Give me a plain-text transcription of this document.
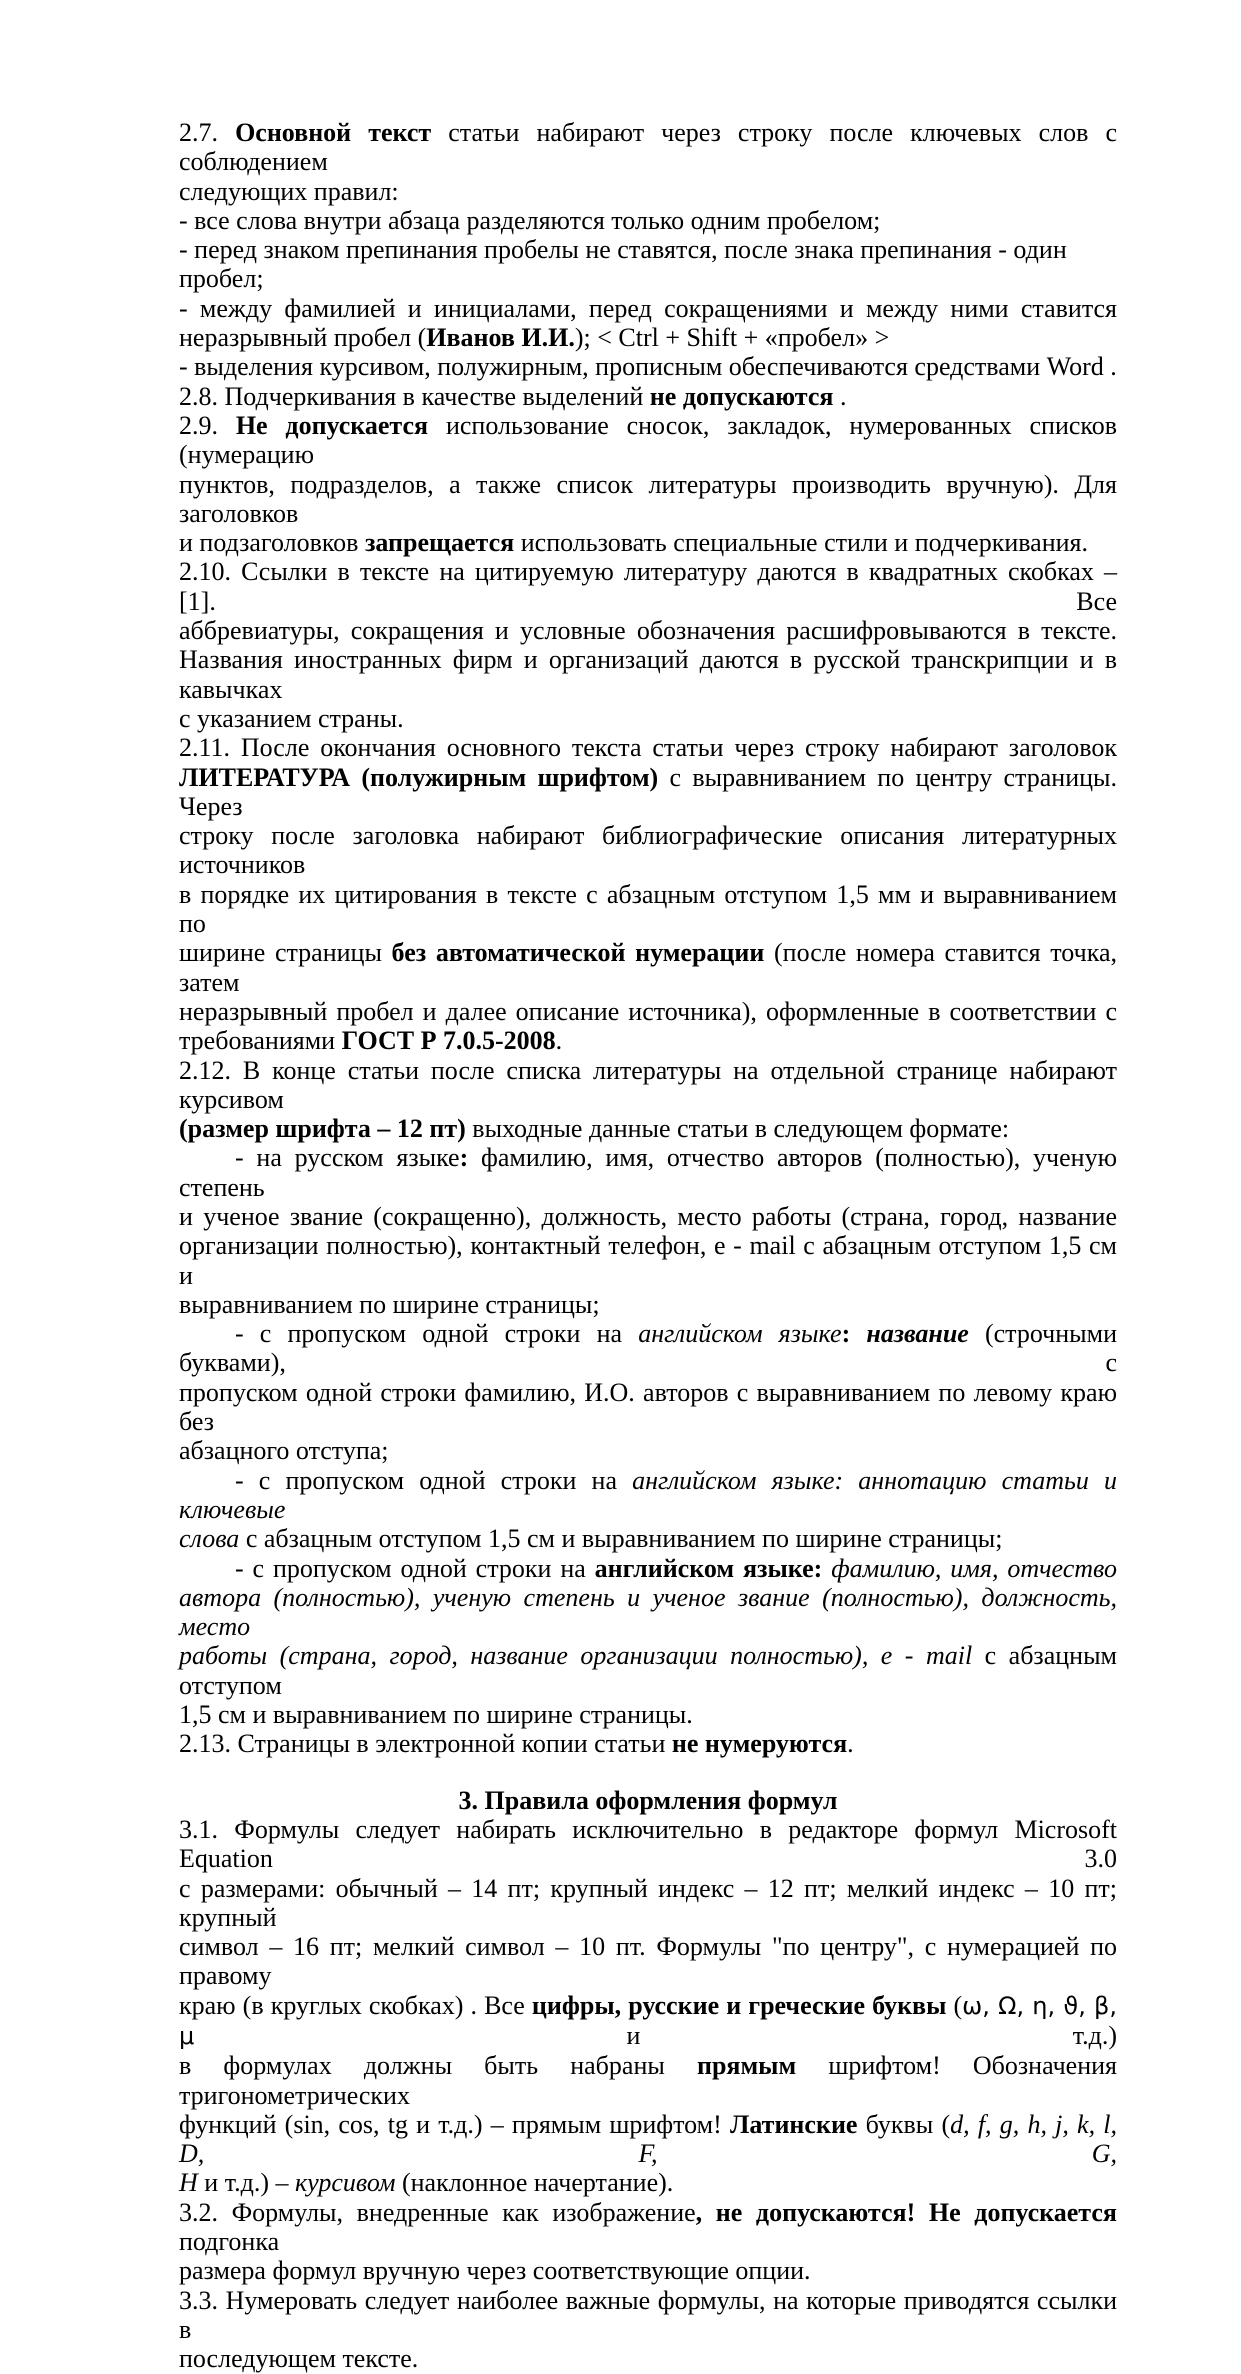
2.7. Основной текст статьи набирают через строку после ключевых слов с соблюдением
следующих правил:
- все слова внутри абзаца разделяются только одним пробелом;
- перед знаком препинания пробелы не ставятся, после знака препинания - один пробел;
- между фамилией и инициалами, перед сокращениями и между ними ставится
неразрывный пробел (Иванов И.И.); < Ctrl + Shift + «пробел» >
- выделения курсивом, полужирным, прописным обеспечиваются средствами Word .
2.8. Подчеркивания в качестве выделений не допускаются .
2.9. Не допускается использование сносок, закладок, нумерованных списков (нумерацию
пунктов, подразделов, а также список литературы производить вручную). Для заголовков
и подзаголовков запрещается использовать специальные стили и подчеркивания.
2.10. Ссылки в тексте на цитируемую литературу даются в квадратных скобках – [1]. Все
аббревиатуры, сокращения и условные обозначения расшифровываются в тексте.
Названия иностранных фирм и организаций даются в русской транскрипции и в кавычках
с указанием страны.
2.11. После окончания основного текста статьи через строку набирают заголовок
ЛИТЕРАТУРА (полужирным шрифтом) с выравниванием по центру страницы. Через
строку после заголовка набирают библиографические описания литературных источников
в порядке их цитирования в тексте с абзацным отступом 1,5 мм и выравниванием по
ширине страницы без автоматической нумерации (после номера ставится точка, затем
неразрывный пробел и далее описание источника), оформленные в соответствии с
требованиями ГОСТ Р 7.0.5-2008.
2.12. В конце статьи после списка литературы на отдельной странице набирают курсивом
(размер шрифта – 12 пт) выходные данные статьи в следующем формате:
- на русском языке: фамилию, имя, отчество авторов (полностью), ученую степень
и ученое звание (сокращенно), должность, место работы (страна, город, название
организации полностью), контактный телефон, e - mail с абзацным отступом 1,5 см и
выравниванием по ширине страницы;
- с пропуском одной строки на английском языке: название (строчными буквами), с
пропуском одной строки фамилию, И.О. авторов с выравниванием по левому краю без
абзацного отступа;
- с пропуском одной строки на английском языке: аннотацию статьи и ключевые
слова с абзацным отступом 1,5 см и выравниванием по ширине страницы;
- с пропуском одной строки на английском языке: фамилию, имя, отчество
автора (полностью), ученую степень и ученое звание (полностью), должность, место
работы (страна, город, название организации полностью), e - mail с абзацным отступом
1,5 см и выравниванием по ширине страницы.
2.13. Страницы в электронной копии статьи не нумеруются.
3. Правила оформления формул
3.1. Формулы следует набирать исключительно в редакторе формул Microsoft Equation 3.0
с размерами: обычный – 14 пт; крупный индекс – 12 пт; мелкий индекс – 10 пт; крупный
символ – 16 пт; мелкий символ – 10 пт. Формулы "по центру", с нумерацией по правому
краю (в круглых скобках) . Все цифры, русские и греческие буквы (ω, Ω, η, ϑ, β, μ и т.д.)
в формулах должны быть набраны прямым шрифтом! Обозначения тригонометрических
функций (sin, cos, tg и т.д.) – прямым шрифтом! Латинские буквы (d, f, g, h, j, k, l, D, F, G,
H и т.д.) – курсивом (наклонное начертание).
3.2. Формулы, внедренные как изображение, не допускаются! Не допускается подгонка
размера формул вручную через соответствующие опции.
3.3. Нумеровать следует наиболее важные формулы, на которые приводятся ссылки в
последующем тексте.
